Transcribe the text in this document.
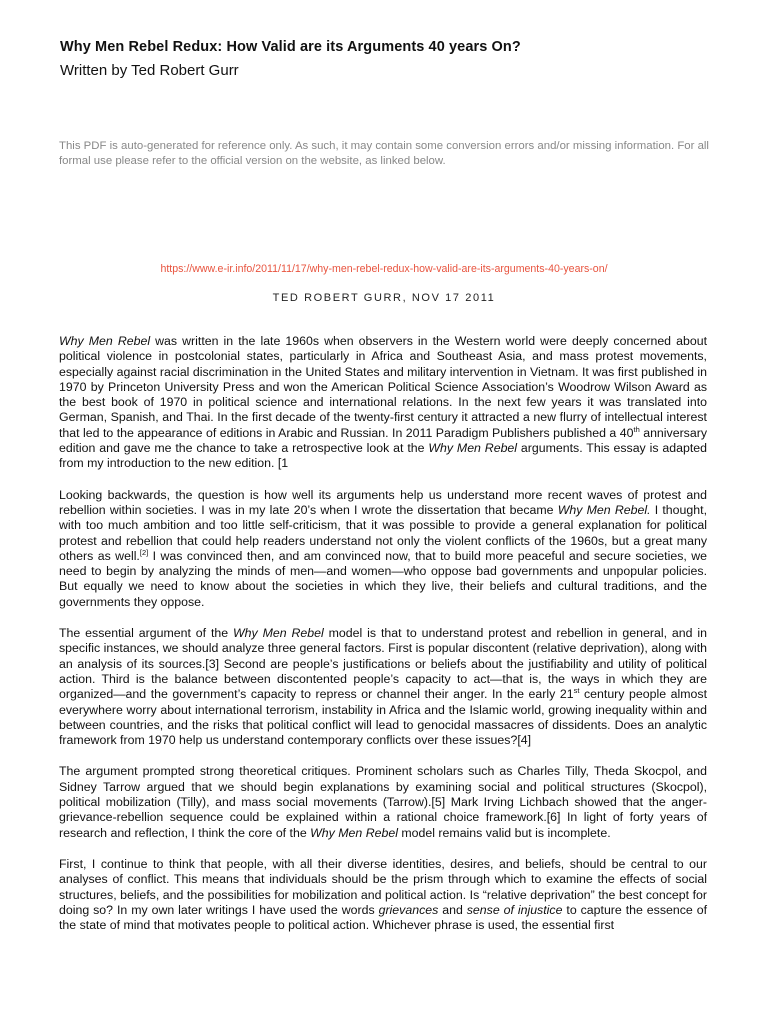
Why Men Rebel Redux: How Valid are its Arguments 40 years On?
Written by Ted Robert Gurr
This PDF is auto-generated for reference only. As such, it may contain some conversion errors and/or missing information. For all formal use please refer to the official version on the website, as linked below.
https://www.e-ir.info/2011/11/17/why-men-rebel-redux-how-valid-are-its-arguments-40-years-on/
TED ROBERT GURR, NOV 17 2011

Why Men Rebel was written in the late 1960s when observers in the Western world were deeply concerned about political violence in postcolonial states, particularly in Africa and Southeast Asia, and mass protest movements, especially against racial discrimination in the United States and military intervention in Vietnam. It was first published in 1970 by Princeton University Press and won the American Political Science Association’s Woodrow Wilson Award as the best book of 1970 in political science and international relations. In the next few years it was translated into German, Spanish, and Thai. In the first decade of the twenty-first century it attracted a new flurry of intellectual interest that led to the appearance of editions in Arabic and Russian. In 2011 Paradigm Publishers published a 40th anniversary edition and gave me the chance to take a retrospective look at the Why Men Rebel arguments. This essay is adapted from my introduction to the new edition. [1

Looking backwards, the question is how well its arguments help us understand more recent waves of protest and rebellion within societies. I was in my late 20’s when I wrote the dissertation that became Why Men Rebel. I thought, with too much ambition and too little self-criticism, that it was possible to provide a general explanation for political protest and rebellion that could help readers understand not only the violent conflicts of the 1960s, but a great many others as well.[2] I was convinced then, and am convinced now, that to build more peaceful and secure societies, we need to begin by analyzing the minds of men—and women—who oppose bad governments and unpopular policies. But equally we need to know about the societies in which they live, their beliefs and cultural traditions, and the governments they oppose.

The essential argument of the Why Men Rebel model is that to understand protest and rebellion in general, and in specific instances, we should analyze three general factors. First is popular discontent (relative deprivation), along with an analysis of its sources.[3] Second are people’s justifications or beliefs about the justifiability and utility of political action. Third is the balance between discontented people’s capacity to act—that is, the ways in which they are organized—and the government’s capacity to repress or channel their anger. In the early 21st century people almost everywhere worry about international terrorism, instability in Africa and the Islamic world, growing inequality within and between countries, and the risks that political conflict will lead to genocidal massacres of dissidents. Does an analytic framework from 1970 help us understand contemporary conflicts over these issues?[4]

The argument prompted strong theoretical critiques. Prominent scholars such as Charles Tilly, Theda Skocpol, and Sidney Tarrow argued that we should begin explanations by examining social and political structures (Skocpol), political mobilization (Tilly), and mass social movements (Tarrow).[5] Mark Irving Lichbach showed that the anger-grievance-rebellion sequence could be explained within a rational choice framework.[6] In light of forty years of research and reflection, I think the core of the Why Men Rebel model remains valid but is incomplete.

First, I continue to think that people, with all their diverse identities, desires, and beliefs, should be central to our analyses of conflict. This means that individuals should be the prism through which to examine the effects of social structures, beliefs, and the possibilities for mobilization and political action. Is “relative deprivation” the best concept for doing so? In my own later writings I have used the words grievances and sense of injustice to capture the essence of the state of mind that motivates people to political action. Whichever phrase is used, the essential first
